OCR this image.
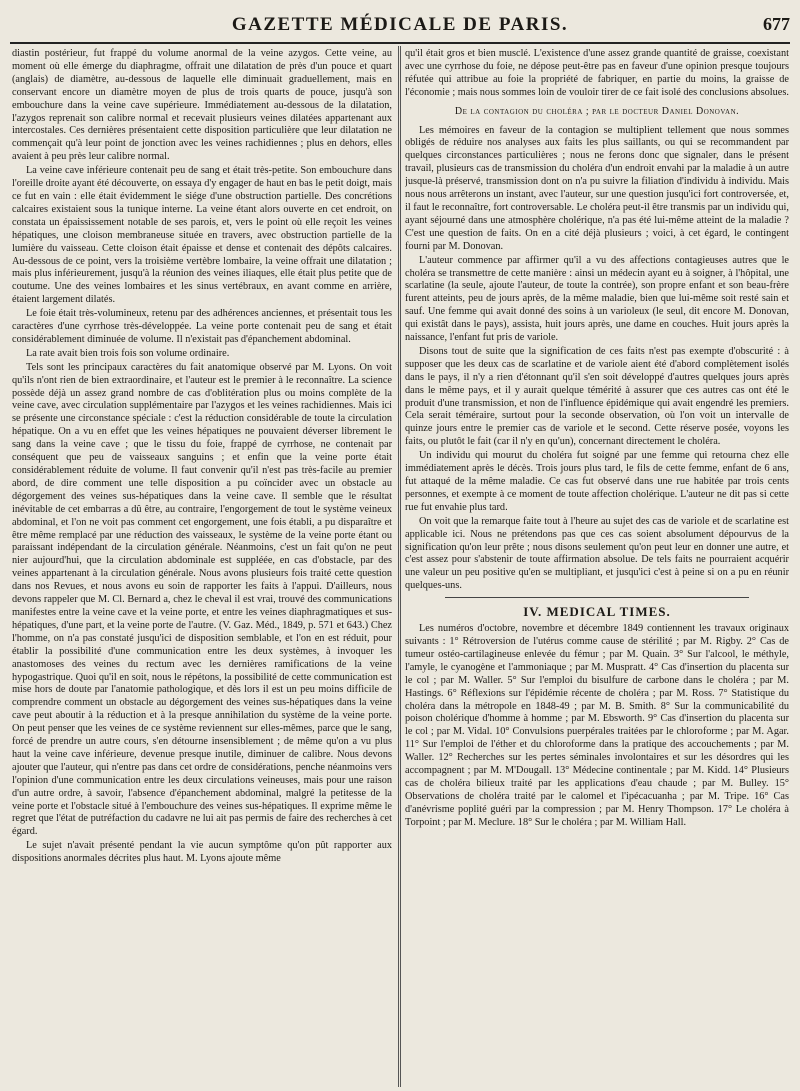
GAZETTE MÉDICALE DE PARIS.	677

diastin postérieur, fut frappé du volume anormal de la veine azygos. Cette veine, au moment où elle émerge du diaphragme, offrait une dilatation de près d'un pouce et quart (anglais) de diamètre, au-dessous de laquelle elle diminuait graduellement, mais en conservant encore un diamètre moyen de plus de trois quarts de pouce, jusqu'à son embouchure dans la veine cave supérieure. Immédiatement au-dessous de la dilatation, l'azygos reprenait son calibre normal et recevait plusieurs veines dilatées appartenant aux intercostales. Ces dernières présentaient cette disposition particulière que leur dilatation ne commençait qu'à leur point de jonction avec les veines rachidiennes ; plus en dehors, elles avaient à peu près leur calibre normal.

La veine cave inférieure contenait peu de sang et était très-petite. Son embouchure dans l'oreille droite ayant été découverte, on essaya d'y engager de haut en bas le petit doigt, mais ce fut en vain : elle était évidemment le siége d'une obstruction partielle. Des concrétions calcaires existaient sous la tunique interne. La veine étant alors ouverte en cet endroit, on constata un épaississement notable de ses parois, et, vers le point où elle reçoit les veines hépatiques, une cloison membraneuse située en travers, avec obstruction partielle de la lumière du vaisseau. Cette cloison était épaisse et dense et contenait des dépôts calcaires. Au-dessous de ce point, vers la troisième vertèbre lombaire, la veine offrait une dilatation ; mais plus inférieurement, jusqu'à la réunion des veines iliaques, elle était plus petite que de coutume. Une des veines lombaires et les sinus vertébraux, en avant comme en arrière, étaient largement dilatés.

Le foie était très-volumineux, retenu par des adhérences anciennes, et présentait tous les caractères d'une cyrrhose très-développée. La veine porte contenait peu de sang et était considérablement diminuée de volume. Il n'existait pas d'épanchement abdominal.

La rate avait bien trois fois son volume ordinaire.

Tels sont les principaux caractères du fait anatomique observé par M. Lyons. On voit qu'ils n'ont rien de bien extraordinaire, et l'auteur est le premier à le reconnaître. La science possède déjà un assez grand nombre de cas d'oblitération plus ou moins complète de la veine cave, avec circulation supplémentaire par l'azygos et les veines rachidiennes. Mais ici se présente une circonstance spéciale : c'est la réduction considérable de toute la circulation hépatique. On a vu en effet que les veines hépatiques ne pouvaient déverser librement le sang dans la veine cave ; que le tissu du foie, frappé de cyrrhose, ne contenait par conséquent que peu de vaisseaux sanguins ; et enfin que la veine porte était considérablement réduite de volume. Il faut convenir qu'il n'est pas très-facile au premier abord, de dire comment une telle disposition a pu coïncider avec un obstacle au dégorgement des veines sus-hépatiques dans la veine cave. Il semble que le résultat inévitable de cet embarras a dû être, au contraire, l'engorgement de tout le système veineux abdominal, et l'on ne voit pas comment cet engorgement, une fois établi, a pu disparaître et être même remplacé par une réduction des vaisseaux, le système de la veine porte étant ou paraissant indépendant de la circulation générale. Néanmoins, c'est un fait qu'on ne peut nier aujourd'hui, que la circulation abdominale est suppléée, en cas d'obstacle, par des veines appartenant à la circulation générale. Nous avons plusieurs fois traité cette question dans nos Revues, et nous avons eu soin de rapporter les faits à l'appui. D'ailleurs, nous devons rappeler que M. Cl. Bernard a, chez le cheval il est vrai, trouvé des communications manifestes entre la veine cave et la veine porte, et entre les veines diaphragmatiques et sus-hépatiques, d'une part, et la veine porte de l'autre. (V. Gaz. Méd., 1849, p. 571 et 643.) Chez l'homme, on n'a pas constaté jusqu'ici de disposition semblable, et l'on en est réduit, pour établir la possibilité d'une communication entre les deux systèmes, à invoquer les anastomoses des veines du rectum avec les dernières ramifications de la veine hypogastrique. Quoi qu'il en soit, nous le répétons, la possibilité de cette communication est mise hors de doute par l'anatomie pathologique, et dès lors il est un peu moins difficile de comprendre comment un obstacle au dégorgement des veines sus-hépatiques dans la veine cave peut aboutir à la réduction et à la presque annihilation du système de la veine porte. On peut penser que les veines de ce système reviennent sur elles-mêmes, parce que le sang, forcé de prendre un autre cours, s'en détourne insensiblement ; de même qu'on a vu plus haut la veine cave inférieure, devenue presque inutile, diminuer de calibre. Nous devons ajouter que l'auteur, qui n'entre pas dans cet ordre de considérations, penche néanmoins vers l'opinion d'une communication entre les deux circulations veineuses, mais pour une raison d'un autre ordre, à savoir, l'absence d'épanchement abdominal, malgré la petitesse de la veine porte et l'obstacle situé à l'embouchure des veines sus-hépatiques. Il exprime même le regret que l'état de putréfaction du cadavre ne lui ait pas permis de faire des recherches à cet égard.

Le sujet n'avait présenté pendant la vie aucun symptôme qu'on pût rapporter aux dispositions anormales décrites plus haut. M. Lyons ajoute même

qu'il était gros et bien musclé. L'existence d'une assez grande quantité de graisse, coexistant avec une cyrrhose du foie, ne dépose peut-être pas en faveur d'une opinion presque toujours réfutée qui attribue au foie la propriété de fabriquer, en partie du moins, la graisse de l'économie ; mais nous sommes loin de vouloir tirer de ce fait isolé des conclusions absolues.

De la contagion du choléra ; par le docteur Daniel Donovan.

Les mémoires en faveur de la contagion se multiplient tellement que nous sommes obligés de réduire nos analyses aux faits les plus saillants, ou qui se recommandent par quelques circonstances particulières ; nous ne ferons donc que signaler, dans le présent travail, plusieurs cas de transmission du choléra d'un endroit envahi par la maladie à un autre jusque-là préservé, transmission dont on n'a pu suivre la filiation d'individu à individu. Mais nous nous arrêterons un instant, avec l'auteur, sur une question jusqu'ici fort controversée, et, il faut le reconnaître, fort controversable. Le choléra peut-il être transmis par un individu qui, ayant séjourné dans une atmosphère cholérique, n'a pas été lui-même atteint de la maladie ? C'est une question de faits. On en a cité déjà plusieurs ; voici, à cet égard, le contingent fourni par M. Donovan.

L'auteur commence par affirmer qu'il a vu des affections contagieuses autres que le choléra se transmettre de cette manière : ainsi un médecin ayant eu à soigner, à l'hôpital, une scarlatine (la seule, ajoute l'auteur, de toute la contrée), son propre enfant et son beau-frère furent atteints, peu de jours après, de la même maladie, bien que lui-même soit resté sain et sauf. Une femme qui avait donné des soins à un varioleux (le seul, dit encore M. Donovan, qui existât dans le pays), assista, huit jours après, une dame en couches. Huit jours après la naissance, l'enfant fut pris de variole.

Disons tout de suite que la signification de ces faits n'est pas exempte d'obscurité : à supposer que les deux cas de scarlatine et de variole aient été d'abord complètement isolés dans le pays, il n'y a rien d'étonnant qu'il s'en soit développé d'autres quelques jours après dans le même pays, et il y aurait quelque témérité à assurer que ces autres cas ont été le produit d'une transmission, et non de l'influence épidémique qui avait engendré les premiers. Cela serait téméraire, surtout pour la seconde observation, où l'on voit un intervalle de quinze jours entre le premier cas de variole et le second. Cette réserve posée, voyons les faits, ou plutôt le fait (car il n'y en qu'un), concernant directement le choléra.

Un individu qui mourut du choléra fut soigné par une femme qui retourna chez elle immédiatement après le décès. Trois jours plus tard, le fils de cette femme, enfant de 6 ans, fut attaqué de la même maladie. Ce cas fut observé dans une rue habitée par trois cents personnes, et exempte à ce moment de toute affection cholérique. L'auteur ne dit pas si cette rue fut envahie plus tard.

On voit que la remarque faite tout à l'heure au sujet des cas de variole et de scarlatine est applicable ici. Nous ne prétendons pas que ces cas soient absolument dépourvus de la signification qu'on leur prête ; nous disons seulement qu'on peut leur en donner une autre, et c'est assez pour s'abstenir de toute affirmation absolue. De tels faits ne pourraient acquérir une valeur un peu positive qu'en se multipliant, et jusqu'ici c'est à peine si on a pu en réunir quelques-uns.

IV. MEDICAL TIMES.

Les numéros d'octobre, novembre et décembre 1849 contiennent les travaux originaux suivants : 1° Rétroversion de l'utérus comme cause de stérilité ; par M. Rigby. 2° Cas de tumeur ostéo-cartilagineuse enlevée du fémur ; par M. Quain. 3° Sur l'alcool, le méthyle, l'amyle, le cyanogène et l'ammoniaque ; par M. Muspratt. 4° Cas d'insertion du placenta sur le col ; par M. Waller. 5° Sur l'emploi du bisulfure de carbone dans le choléra ; par M. Hastings. 6° Réflexions sur l'épidémie récente de choléra ; par M. Ross. 7° Statistique du choléra dans la métropole en 1848-49 ; par M. B. Smith. 8° Sur la communicabilité du poison cholérique d'homme à homme ; par M. Ebsworth. 9° Cas d'insertion du placenta sur le col ; par M. Vidal. 10° Convulsions puerpérales traitées par le chloroforme ; par M. Agar. 11° Sur l'emploi de l'éther et du chloroforme dans la pratique des accouchements ; par M. Waller. 12° Recherches sur les pertes séminales involontaires et sur les désordres qui les accompagnent ; par M. M'Dougall. 13° Médecine continentale ; par M. Kidd. 14° Plusieurs cas de choléra bilieux traité par les applications d'eau chaude ; par M. Bulley. 15° Observations de choléra traité par le calomel et l'ipécacuanha ; par M. Tripe. 16° Cas d'anévrisme poplité guéri par la compression ; par M. Henry Thompson. 17° Le choléra à Torpoint ; par M. Meclure. 18° Sur le choléra ; par M. William Hall.
